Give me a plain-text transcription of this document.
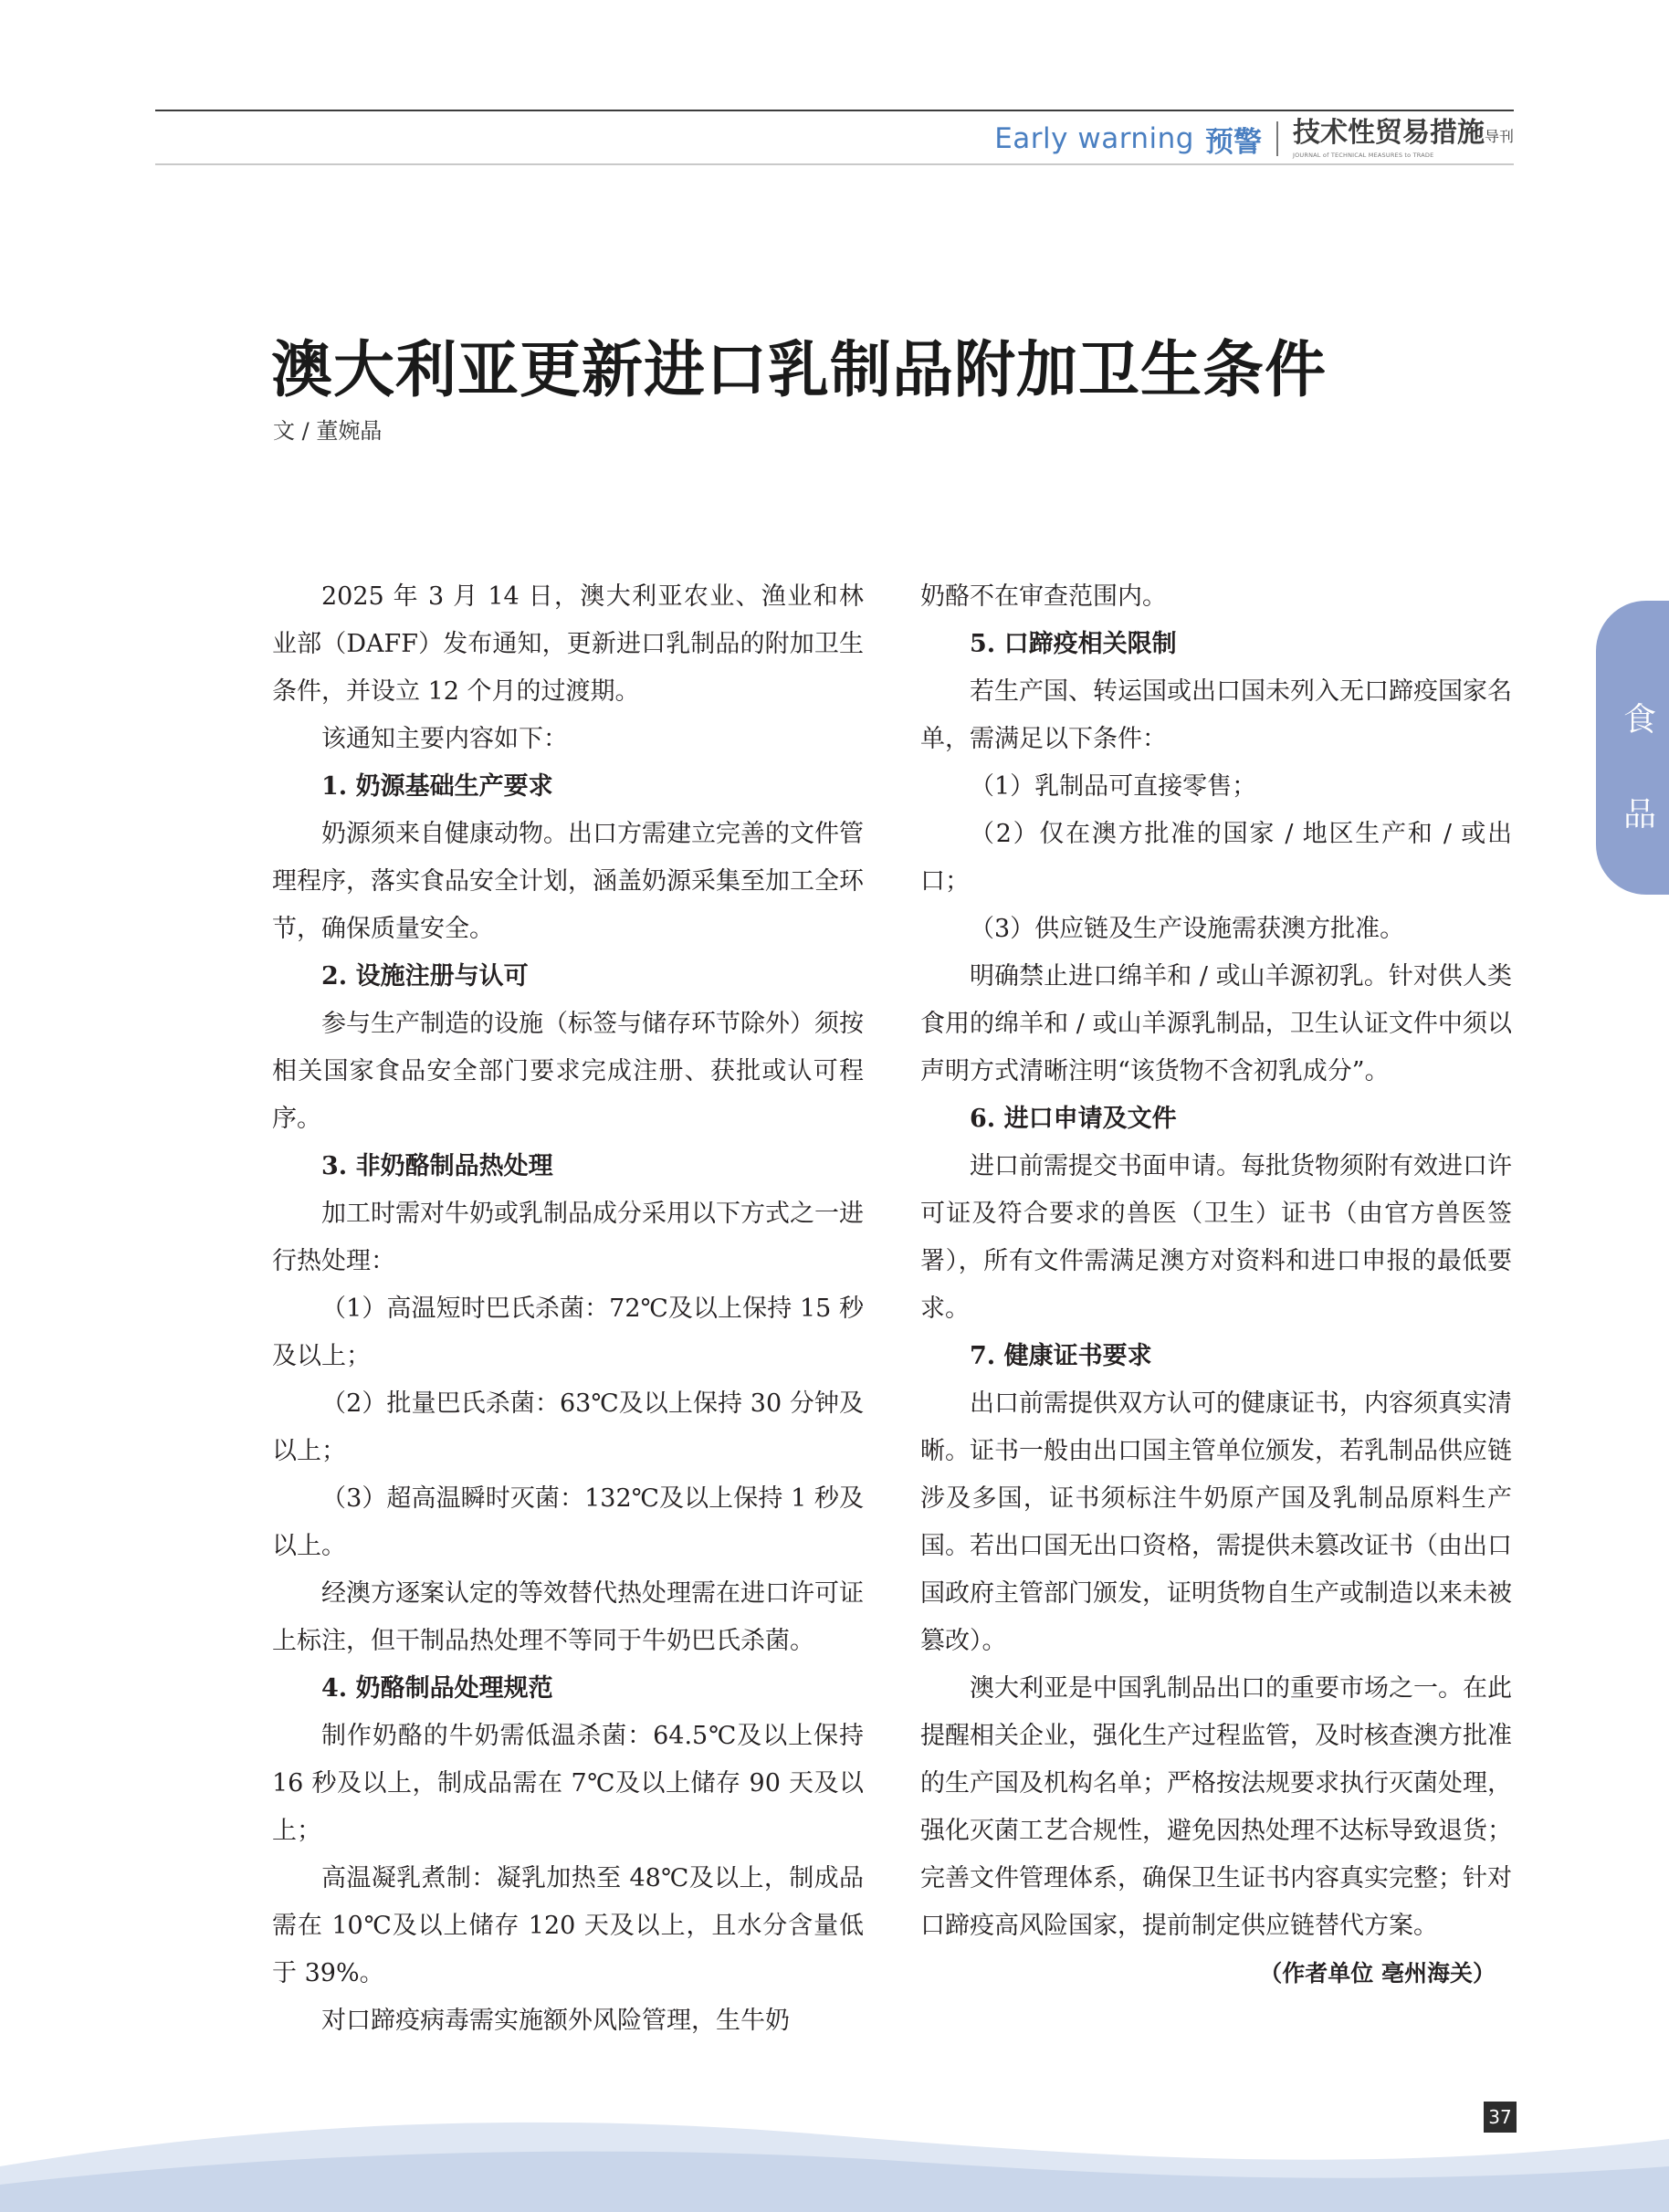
Early warning 预警 技术性贸易措施导刊
JOURNAL of TECHNICAL MEASURES to TRADE
澳大利亚更新进口乳制品附加卫生条件
文 / 董婉晶

2025 年 3 月 14 日，澳大利亚农业、渔业和林业部（DAFF）发布通知，更新进口乳制品的附加卫生条件，并设立 12 个月的过渡期。

该通知主要内容如下：

1. 奶源基础生产要求

奶源须来自健康动物。出口方需建立完善的文件管理程序，落实食品安全计划，涵盖奶源采集至加工全环节，确保质量安全。

2. 设施注册与认可

参与生产制造的设施（标签与储存环节除外）须按相关国家食品安全部门要求完成注册、获批或认可程序。

3. 非奶酪制品热处理

加工时需对牛奶或乳制品成分采用以下方式之一进行热处理：

（1）高温短时巴氏杀菌：72℃及以上保持 15 秒及以上；

（2）批量巴氏杀菌：63℃及以上保持 30 分钟及以上；

（3）超高温瞬时灭菌：132℃及以上保持 1 秒及以上。

经澳方逐案认定的等效替代热处理需在进口许可证上标注，但干制品热处理不等同于牛奶巴氏杀菌。

4. 奶酪制品处理规范

制作奶酪的牛奶需低温杀菌：64.5℃及以上保持 16 秒及以上，制成品需在 7℃及以上储存 90 天及以上；

高温凝乳煮制：凝乳加热至 48℃及以上，制成品需在 10℃及以上储存 120 天及以上，且水分含量低于 39%。

对口蹄疫病毒需实施额外风险管理，生牛奶

奶酪不在审查范围内。

5. 口蹄疫相关限制

若生产国、转运国或出口国未列入无口蹄疫国家名单，需满足以下条件：

（1）乳制品可直接零售；

（2）仅在澳方批准的国家 / 地区生产和 / 或出口；

（3）供应链及生产设施需获澳方批准。

明确禁止进口绵羊和 / 或山羊源初乳。针对供人类食用的绵羊和 / 或山羊源乳制品，卫生认证文件中须以声明方式清晰注明“该货物不含初乳成分”。

6. 进口申请及文件

进口前需提交书面申请。每批货物须附有效进口许可证及符合要求的兽医（卫生）证书（由官方兽医签署），所有文件需满足澳方对资料和进口申报的最低要求。

7. 健康证书要求

出口前需提供双方认可的健康证书，内容须真实清晰。证书一般由出口国主管单位颁发，若乳制品供应链涉及多国，证书须标注牛奶原产国及乳制品原料生产国。若出口国无出口资格，需提供未篡改证书（由出口国政府主管部门颁发，证明货物自生产或制造以来未被篡改）。

澳大利亚是中国乳制品出口的重要市场之一。在此提醒相关企业，强化生产过程监管，及时核查澳方批准的生产国及机构名单；严格按法规要求执行灭菌处理，强化灭菌工艺合规性，避免因热处理不达标导致退货；完善文件管理体系，确保卫生证书内容真实完整；针对口蹄疫高风险国家，提前制定供应链替代方案。

（作者单位 亳州海关）
食
品
37
